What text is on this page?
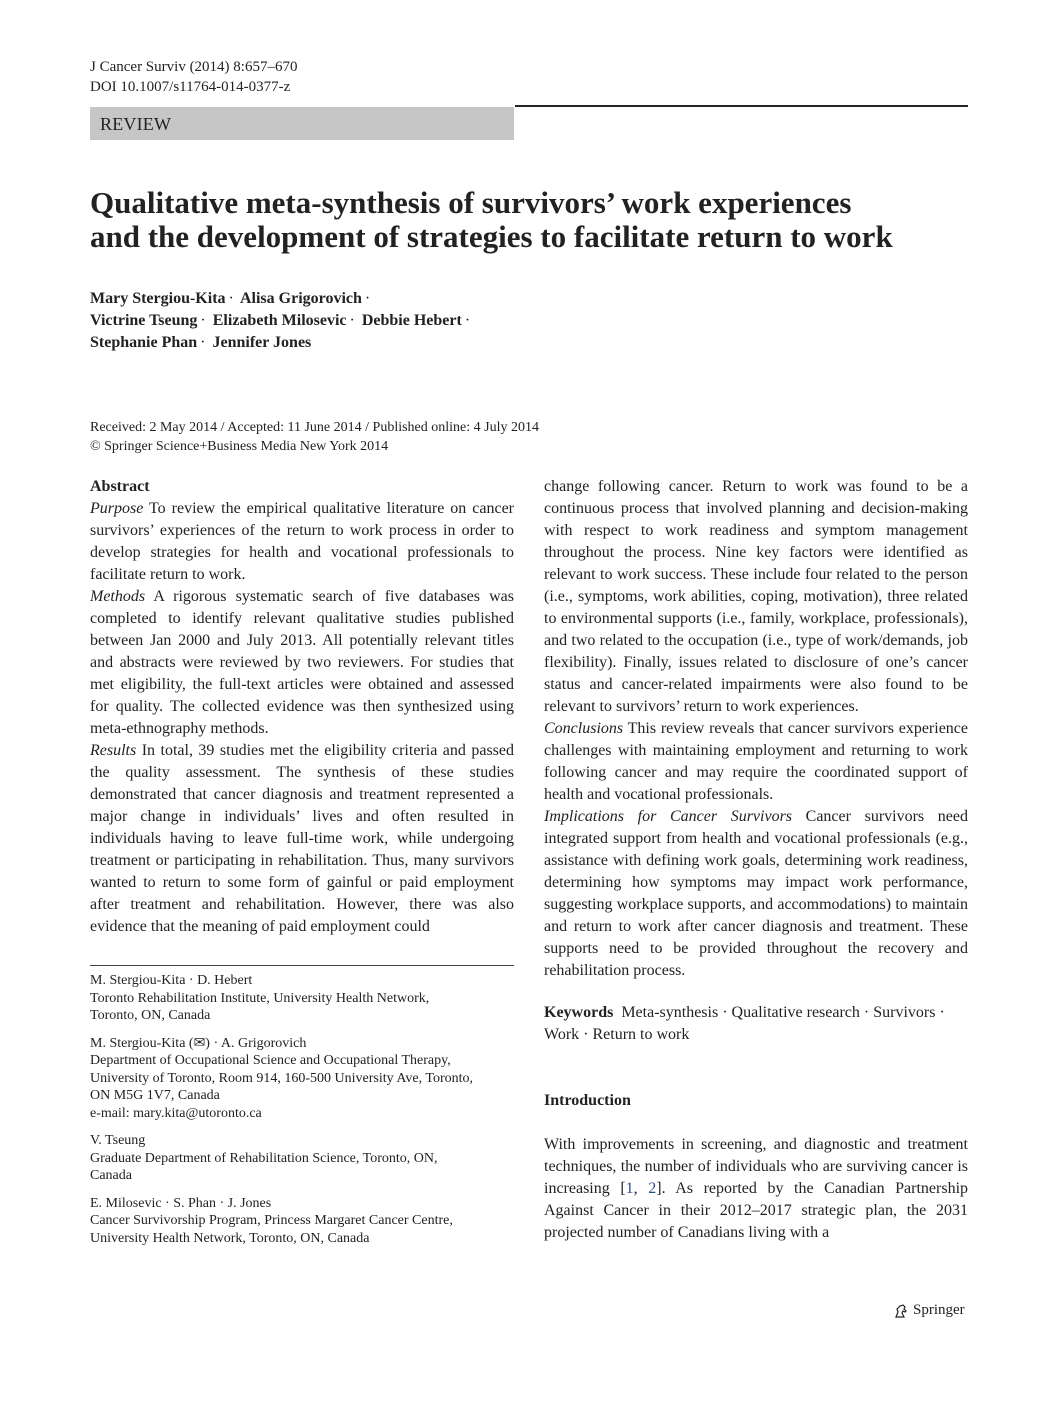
J Cancer Surviv (2014) 8:657–670
DOI 10.1007/s11764-014-0377-z
REVIEW
Qualitative meta-synthesis of survivors’ work experiences
and the development of strategies to facilitate return to work
Mary Stergiou-Kita · Alisa Grigorovich ·
Victrine Tseung · Elizabeth Milosevic · Debbie Hebert ·
Stephanie Phan · Jennifer Jones
Received: 2 May 2014 / Accepted: 11 June 2014 / Published online: 4 July 2014
© Springer Science+Business Media New York 2014

Abstract

Purpose To review the empirical qualitative literature on cancer survivors’ experiences of the return to work process in order to develop strategies for health and vocational professionals to facilitate return to work.

Methods A rigorous systematic search of five databases was completed to identify relevant qualitative studies published between Jan 2000 and July 2013. All potentially relevant titles and abstracts were reviewed by two reviewers. For studies that met eligibility, the full-text articles were obtained and assessed for quality. The collected evidence was then synthesized using meta-ethnography methods.

Results In total, 39 studies met the eligibility criteria and passed the quality assessment. The synthesis of these studies demonstrated that cancer diagnosis and treatment represented a major change in individuals’ lives and often resulted in individuals having to leave full-time work, while undergoing treatment or participating in rehabilitation. Thus, many survivors wanted to return to some form of gainful or paid employment after treatment and rehabilitation. However, there was also evidence that the meaning of paid employment could

M. Stergiou-Kita · D. Hebert
Toronto Rehabilitation Institute, University Health Network,
Toronto, ON, Canada

M. Stergiou-Kita (✉) · A. Grigorovich
Department of Occupational Science and Occupational Therapy,
University of Toronto, Room 914, 160-500 University Ave, Toronto,
ON M5G 1V7, Canada
e-mail: mary.kita@utoronto.ca

V. Tseung
Graduate Department of Rehabilitation Science, Toronto, ON,
Canada

E. Milosevic · S. Phan · J. Jones
Cancer Survivorship Program, Princess Margaret Cancer Centre,
University Health Network, Toronto, ON, Canada

change following cancer. Return to work was found to be a continuous process that involved planning and decision-making with respect to work readiness and symptom management throughout the process. Nine key factors were identified as relevant to work success. These include four related to the person (i.e., symptoms, work abilities, coping, motivation), three related to environmental supports (i.e., family, workplace, professionals), and two related to the occupation (i.e., type of work/demands, job flexibility). Finally, issues related to disclosure of one’s cancer status and cancer-related impairments were also found to be relevant to survivors’ return to work experiences.

Conclusions This review reveals that cancer survivors experience challenges with maintaining employment and returning to work following cancer and may require the coordinated support of health and vocational professionals.

Implications for Cancer Survivors Cancer survivors need integrated support from health and vocational professionals (e.g., assistance with defining work goals, determining work readiness, determining how symptoms may impact work performance, suggesting workplace supports, and accommodations) to maintain and return to work after cancer diagnosis and treatment. These supports need to be provided throughout the recovery and rehabilitation process.

Keywords Meta-synthesis · Qualitative research · Survivors · Work · Return to work

Introduction

With improvements in screening, and diagnostic and treatment techniques, the number of individuals who are surviving cancer is increasing [1, 2]. As reported by the Canadian Partnership Against Cancer in their 2012–2017 strategic plan, the 2031 projected number of Canadians living with a

Springer
